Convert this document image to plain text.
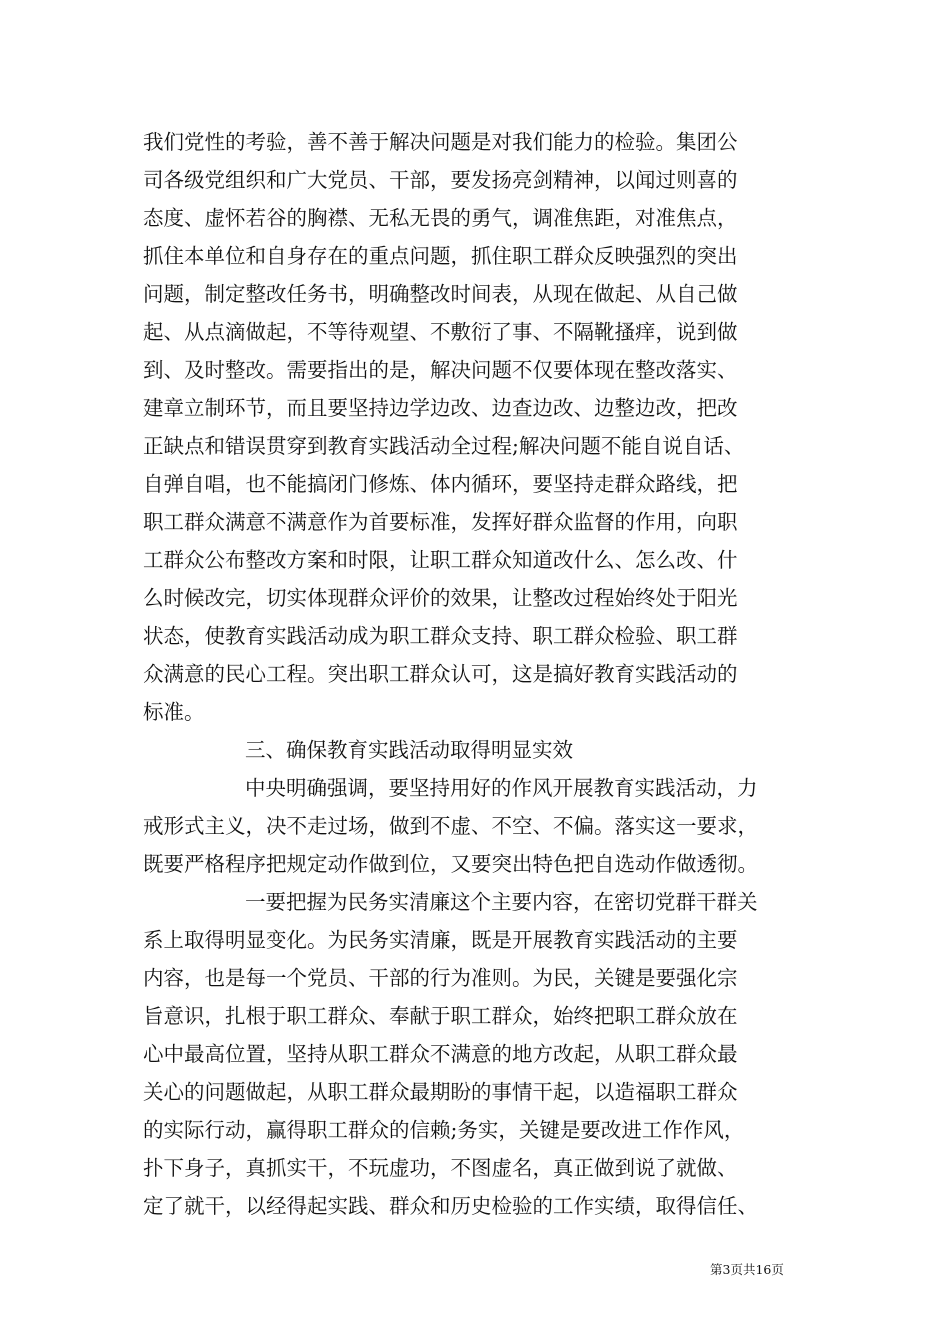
我们党性的考验，善不善于解决问题是对我们能力的检验。集团公
司各级党组织和广大党员、干部，要发扬亮剑精神，以闻过则喜的
态度、虚怀若谷的胸襟、无私无畏的勇气，调准焦距，对准焦点，
抓住本单位和自身存在的重点问题，抓住职工群众反映强烈的突出
问题，制定整改任务书，明确整改时间表，从现在做起、从自己做
起、从点滴做起，不等待观望、不敷衍了事、不隔靴搔痒，说到做
到、及时整改。需要指出的是，解决问题不仅要体现在整改落实、
建章立制环节，而且要坚持边学边改、边查边改、边整边改，把改
正缺点和错误贯穿到教育实践活动全过程;解决问题不能自说自话、
自弹自唱，也不能搞闭门修炼、体内循环，要坚持走群众路线，把
职工群众满意不满意作为首要标准，发挥好群众监督的作用，向职
工群众公布整改方案和时限，让职工群众知道改什么、怎么改、什
么时候改完，切实体现群众评价的效果，让整改过程始终处于阳光
状态，使教育实践活动成为职工群众支持、职工群众检验、职工群
众满意的民心工程。突出职工群众认可，这是搞好教育实践活动的
标准。
三、确保教育实践活动取得明显实效
中央明确强调，要坚持用好的作风开展教育实践活动，力
戒形式主义，决不走过场，做到不虚、不空、不偏。落实这一要求，
既要严格程序把规定动作做到位，又要突出特色把自选动作做透彻。
一要把握为民务实清廉这个主要内容，在密切党群干群关
系上取得明显变化。为民务实清廉，既是开展教育实践活动的主要
内容，也是每一个党员、干部的行为准则。为民，关键是要强化宗
旨意识，扎根于职工群众、奉献于职工群众，始终把职工群众放在
心中最高位置，坚持从职工群众不满意的地方改起，从职工群众最
关心的问题做起，从职工群众最期盼的事情干起，以造福职工群众
的实际行动，赢得职工群众的信赖;务实，关键是要改进工作作风，
扑下身子，真抓实干，不玩虚功，不图虚名，真正做到说了就做、
定了就干，以经得起实践、群众和历史检验的工作实绩，取得信任、
第3页共16页
